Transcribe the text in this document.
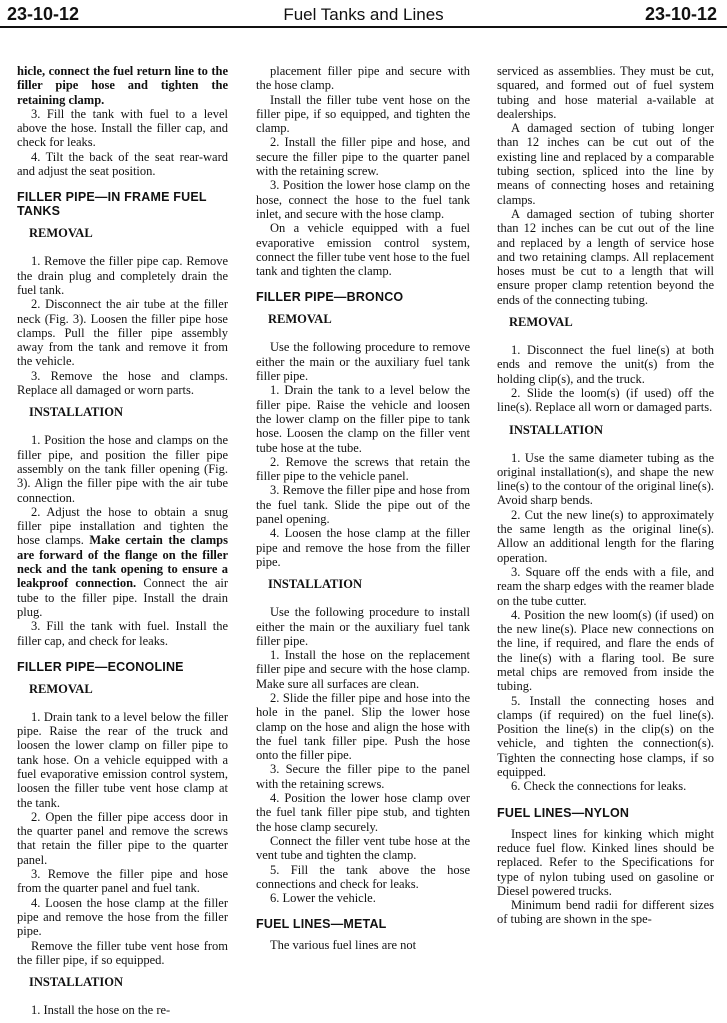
23-10-12	Fuel Tanks and Lines	23-10-12

hicle, connect the fuel return line to the filler pipe hose and tighten the retaining clamp.

3. Fill the tank with fuel to a level above the hose. Install the filler cap, and check for leaks.

4. Tilt the back of the seat rear-ward and adjust the seat position.

FILLER PIPE—IN FRAME FUEL TANKS
REMOVAL

1. Remove the filler pipe cap. Remove the drain plug and completely drain the fuel tank.

2. Disconnect the air tube at the filler neck (Fig. 3). Loosen the filler pipe hose clamps. Pull the filler pipe assembly away from the tank and remove it from the vehicle.

3. Remove the hose and clamps. Replace all damaged or worn parts.

INSTALLATION

1. Position the hose and clamps on the filler pipe, and position the filler pipe assembly on the tank filler opening (Fig. 3). Align the filler pipe with the air tube connection.

2. Adjust the hose to obtain a snug filler pipe installation and tighten the hose clamps. Make certain the clamps are forward of the flange on the filler neck and the tank opening to ensure a leakproof connection. Connect the air tube to the filler pipe. Install the drain plug.

3. Fill the tank with fuel. Install the filler cap, and check for leaks.

FILLER PIPE—ECONOLINE
REMOVAL

1. Drain tank to a level below the filler pipe. Raise the rear of the truck and loosen the lower clamp on filler pipe to tank hose. On a vehicle equipped with a fuel evaporative emission control system, loosen the filler tube vent hose clamp at the tank.

2. Open the filler pipe access door in the quarter panel and remove the screws that retain the filler pipe to the quarter panel.

3. Remove the filler pipe and hose from the quarter panel and fuel tank.

4. Loosen the hose clamp at the filler pipe and remove the hose from the filler pipe.

Remove the filler tube vent hose from the filler pipe, if so equipped.

INSTALLATION

1. Install the hose on the re-

placement filler pipe and secure with the hose clamp.

Install the filler tube vent hose on the filler pipe, if so equipped, and tighten the clamp.

2. Install the filler pipe and hose, and secure the filler pipe to the quarter panel with the retaining screw.

3. Position the lower hose clamp on the hose, connect the hose to the fuel tank inlet, and secure with the hose clamp.

On a vehicle equipped with a fuel evaporative emission control system, connect the filler tube vent hose to the fuel tank and tighten the clamp.

FILLER PIPE—BRONCO
REMOVAL

Use the following procedure to remove either the main or the auxiliary fuel tank filler pipe.

1. Drain the tank to a level below the filler pipe. Raise the vehicle and loosen the lower clamp on the filler pipe to tank hose. Loosen the clamp on the filler vent tube hose at the tube.

2. Remove the screws that retain the filler pipe to the vehicle panel.

3. Remove the filler pipe and hose from the fuel tank. Slide the pipe out of the panel opening.

4. Loosen the hose clamp at the filler pipe and remove the hose from the filler pipe.

INSTALLATION

Use the following procedure to install either the main or the auxiliary fuel tank filler pipe.

1. Install the hose on the replacement filler pipe and secure with the hose clamp. Make sure all surfaces are clean.

2. Slide the filler pipe and hose into the hole in the panel. Slip the lower hose clamp on the hose and align the hose with the fuel tank filler pipe. Push the hose onto the filler pipe.

3. Secure the filler pipe to the panel with the retaining screws.

4. Position the lower hose clamp over the fuel tank filler pipe stub, and tighten the hose clamp securely.

Connect the filler vent tube hose at the vent tube and tighten the clamp.

5. Fill the tank above the hose connections and check for leaks.

6. Lower the vehicle.

FUEL LINES—METAL

The various fuel lines are not

serviced as assemblies. They must be cut, squared, and formed out of fuel system tubing and hose material a-vailable at dealerships.

A damaged section of tubing longer than 12 inches can be cut out of the existing line and replaced by a comparable tubing section, spliced into the line by means of connecting hoses and retaining clamps.

A damaged section of tubing shorter than 12 inches can be cut out of the line and replaced by a length of service hose and two retaining clamps. All replacement hoses must be cut to a length that will ensure proper clamp retention beyond the ends of the connecting tubing.

REMOVAL

1. Disconnect the fuel line(s) at both ends and remove the unit(s) from the holding clip(s), and the truck.

2. Slide the loom(s) (if used) off the line(s). Replace all worn or damaged parts.

INSTALLATION

1. Use the same diameter tubing as the original installation(s), and shape the new line(s) to the contour of the original line(s). Avoid sharp bends.

2. Cut the new line(s) to approximately the same length as the original line(s). Allow an additional length for the flaring operation.

3. Square off the ends with a file, and ream the sharp edges with the reamer blade on the tube cutter.

4. Position the new loom(s) (if used) on the new line(s). Place new connections on the line, if required, and flare the ends of the line(s) with a flaring tool. Be sure metal chips are removed from inside the tubing.

5. Install the connecting hoses and clamps (if required) on the fuel line(s). Position the line(s) in the clip(s) on the vehicle, and tighten the connection(s). Tighten the connecting hose clamps, if so equipped.

6. Check the connections for leaks.

FUEL LINES—NYLON

Inspect lines for kinking which might reduce fuel flow. Kinked lines should be replaced. Refer to the Specifications for type of nylon tubing used on gasoline or Diesel powered trucks.

Minimum bend radii for different sizes of tubing are shown in the spe-
